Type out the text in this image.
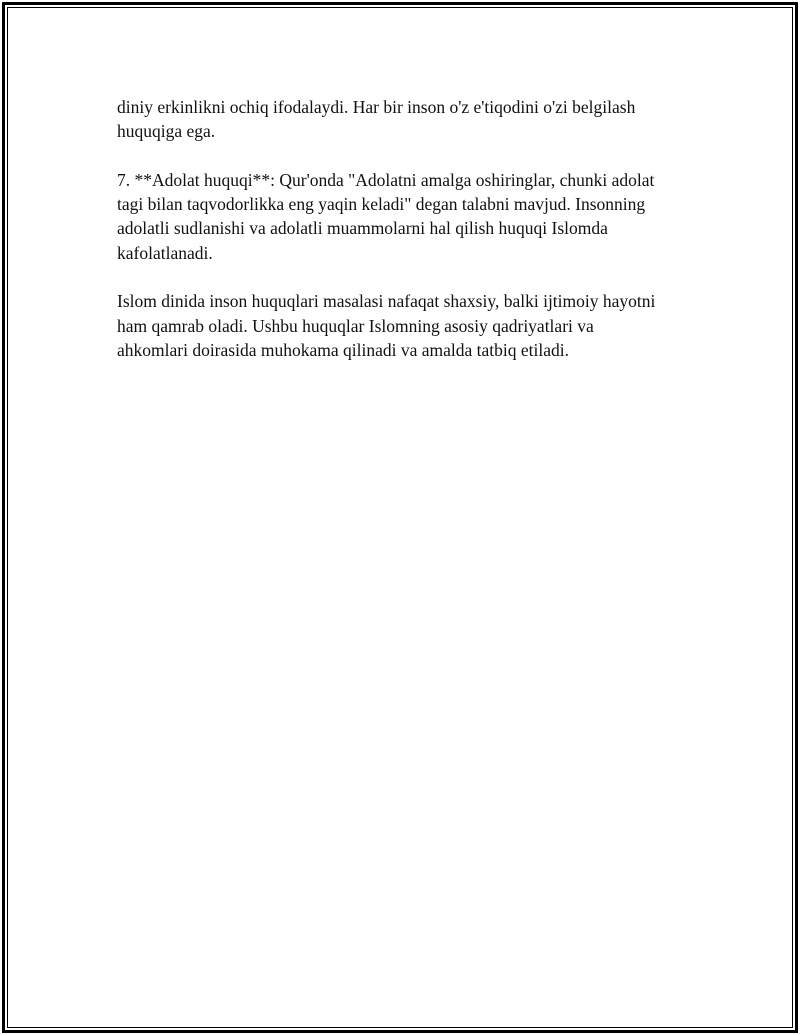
diniy erkinlikni ochiq ifodalaydi. Har bir inson o'z e'tiqodini o'zi belgilash
huquqiga ega.

7. **Adolat huquqi**: Qur'onda "Adolatni amalga oshiringlar, chunki adolat
tagi bilan taqvodorlikka eng yaqin keladi" degan talabni mavjud. Insonning
adolatli sudlanishi va adolatli muammolarni hal qilish huquqi Islomda
kafolatlanadi.

Islom dinida inson huquqlari masalasi nafaqat shaxsiy, balki ijtimoiy hayotni
ham qamrab oladi. Ushbu huquqlar Islomning asosiy qadriyatlari va
ahkomlari doirasida muhokama qilinadi va amalda tatbiq etiladi.
